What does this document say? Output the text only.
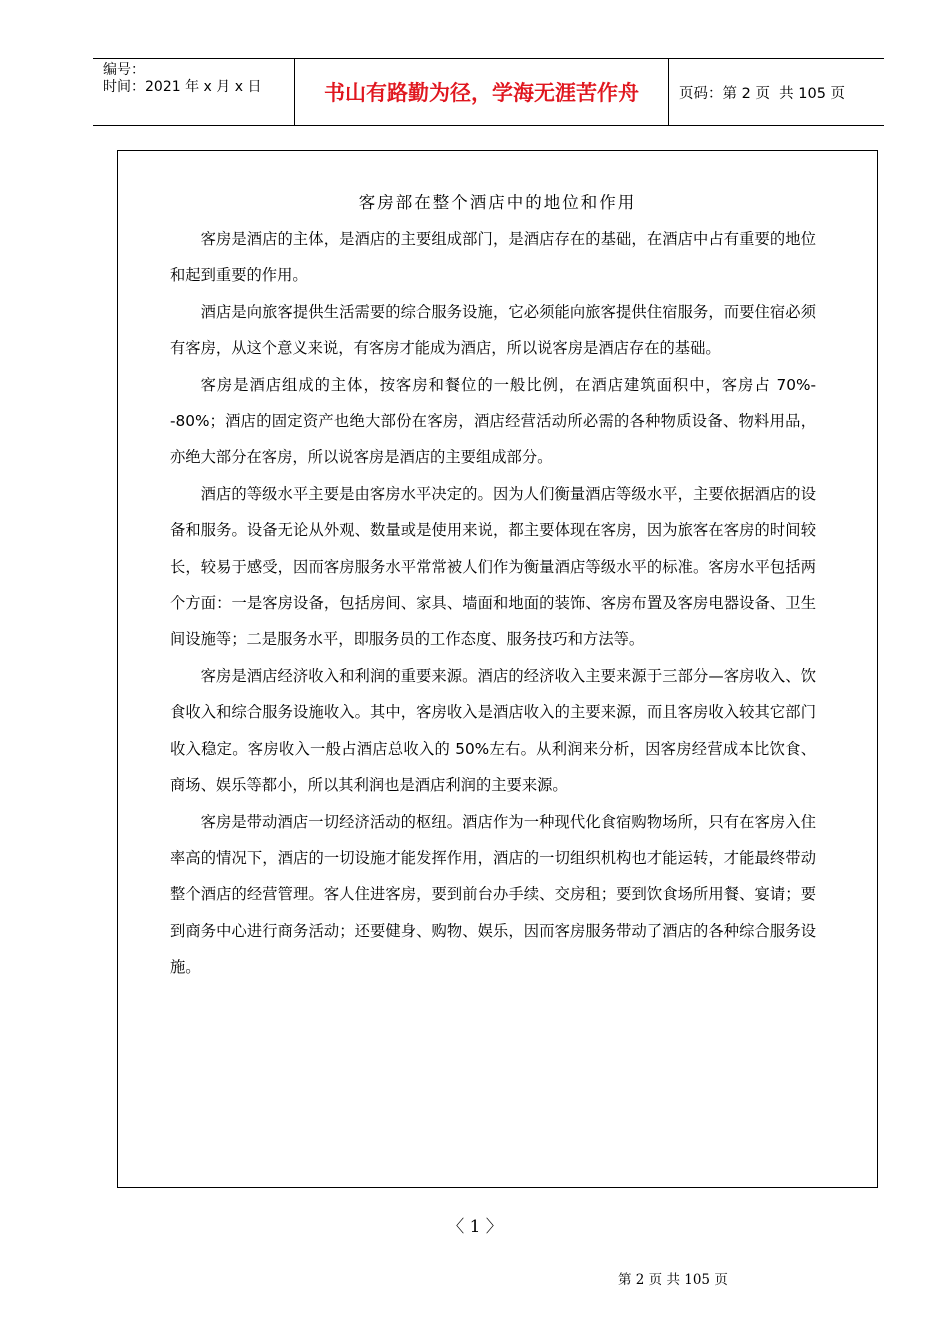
编号：
时间：2021 年 x 月 x 日	书山有路勤为径，学海无涯苦作舟	页码：第 2 页  共 105 页
客房部在整个酒店中的地位和作用

客房是酒店的主体，是酒店的主要组成部门，是酒店存在的基础，在酒店中占有重要的地位和起到重要的作用。

酒店是向旅客提供生活需要的综合服务设施，它必须能向旅客提供住宿服务，而要住宿必须有客房，从这个意义来说，有客房才能成为酒店，所以说客房是酒店存在的基础。

客房是酒店组成的主体，按客房和餐位的一般比例，在酒店建筑面积中，客房占 70%--80%；酒店的固定资产也绝大部份在客房，酒店经营活动所必需的各种物质设备、物料用品，亦绝大部分在客房，所以说客房是酒店的主要组成部分。

酒店的等级水平主要是由客房水平决定的。因为人们衡量酒店等级水平，主要依据酒店的设备和服务。设备无论从外观、数量或是使用来说，都主要体现在客房，因为旅客在客房的时间较长，较易于感受，因而客房服务水平常常被人们作为衡量酒店等级水平的标准。客房水平包括两个方面：一是客房设备，包括房间、家具、墙面和地面的装饰、客房布置及客房电器设备、卫生间设施等；二是服务水平，即服务员的工作态度、服务技巧和方法等。

客房是酒店经济收入和利润的重要来源。酒店的经济收入主要来源于三部分—客房收入、饮食收入和综合服务设施收入。其中，客房收入是酒店收入的主要来源，而且客房收入较其它部门收入稳定。客房收入一般占酒店总收入的 50%左右。从利润来分析，因客房经营成本比饮食、商场、娱乐等都小，所以其利润也是酒店利润的主要来源。

客房是带动酒店一切经济活动的枢纽。酒店作为一种现代化食宿购物场所，只有在客房入住率高的情况下，酒店的一切设施才能发挥作用，酒店的一切组织机构也才能运转，才能最终带动整个酒店的经营管理。客人住进客房，要到前台办手续、交房租；要到饮食场所用餐、宴请；要到商务中心进行商务活动；还要健身、购物、娱乐，因而客房服务带动了酒店的各种综合服务设施。

〈 1 〉
第 2 页 共 105 页
